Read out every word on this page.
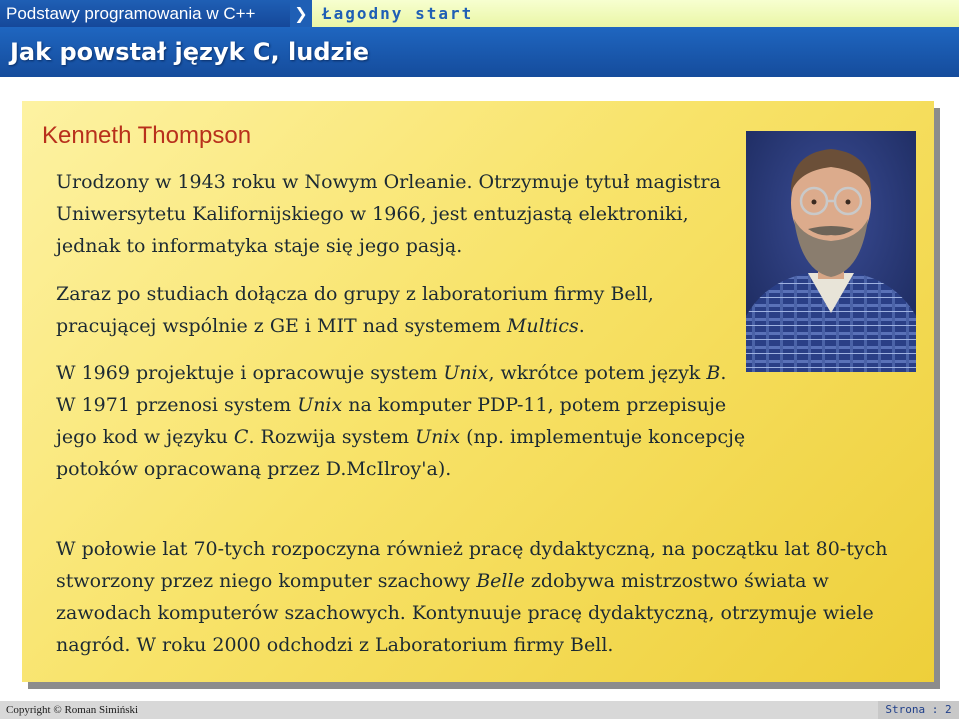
Podstawy programowania w C++	❯ Łagodny start
Jak powstał język C, ludzie
Kenneth Thompson

Urodzony w 1943 roku w Nowym Orleanie. Otrzymuje tytuł magistra Uniwersytetu Kalifornijskiego w 1966, jest entuzjastą elektroniki, jednak to informatyka staje się jego pasją.

Zaraz po studiach dołącza do grupy z laboratorium firmy Bell, pracującej wspólnie z GE i MIT nad systemem Multics.

W 1969 projektuje i opracowuje system Unix, wkrótce potem język B. W 1971 przenosi system Unix na komputer PDP-11, potem przepisuje jego kod w języku C. Rozwija system Unix (np. implementuje koncepcję potoków opracowaną przez D.McIlroy'a).

W połowie lat 70-tych rozpoczyna również pracę dydaktyczną, na początku lat 80-tych stworzony przez niego komputer szachowy Belle zdobywa mistrzostwo świata w zawodach komputerów szachowych. Kontynuuje pracę dydaktyczną, otrzymuje wiele nagród. W roku 2000 odchodzi z Laboratorium firmy Bell.

Copyright © Roman Simiński	Strona : 2
